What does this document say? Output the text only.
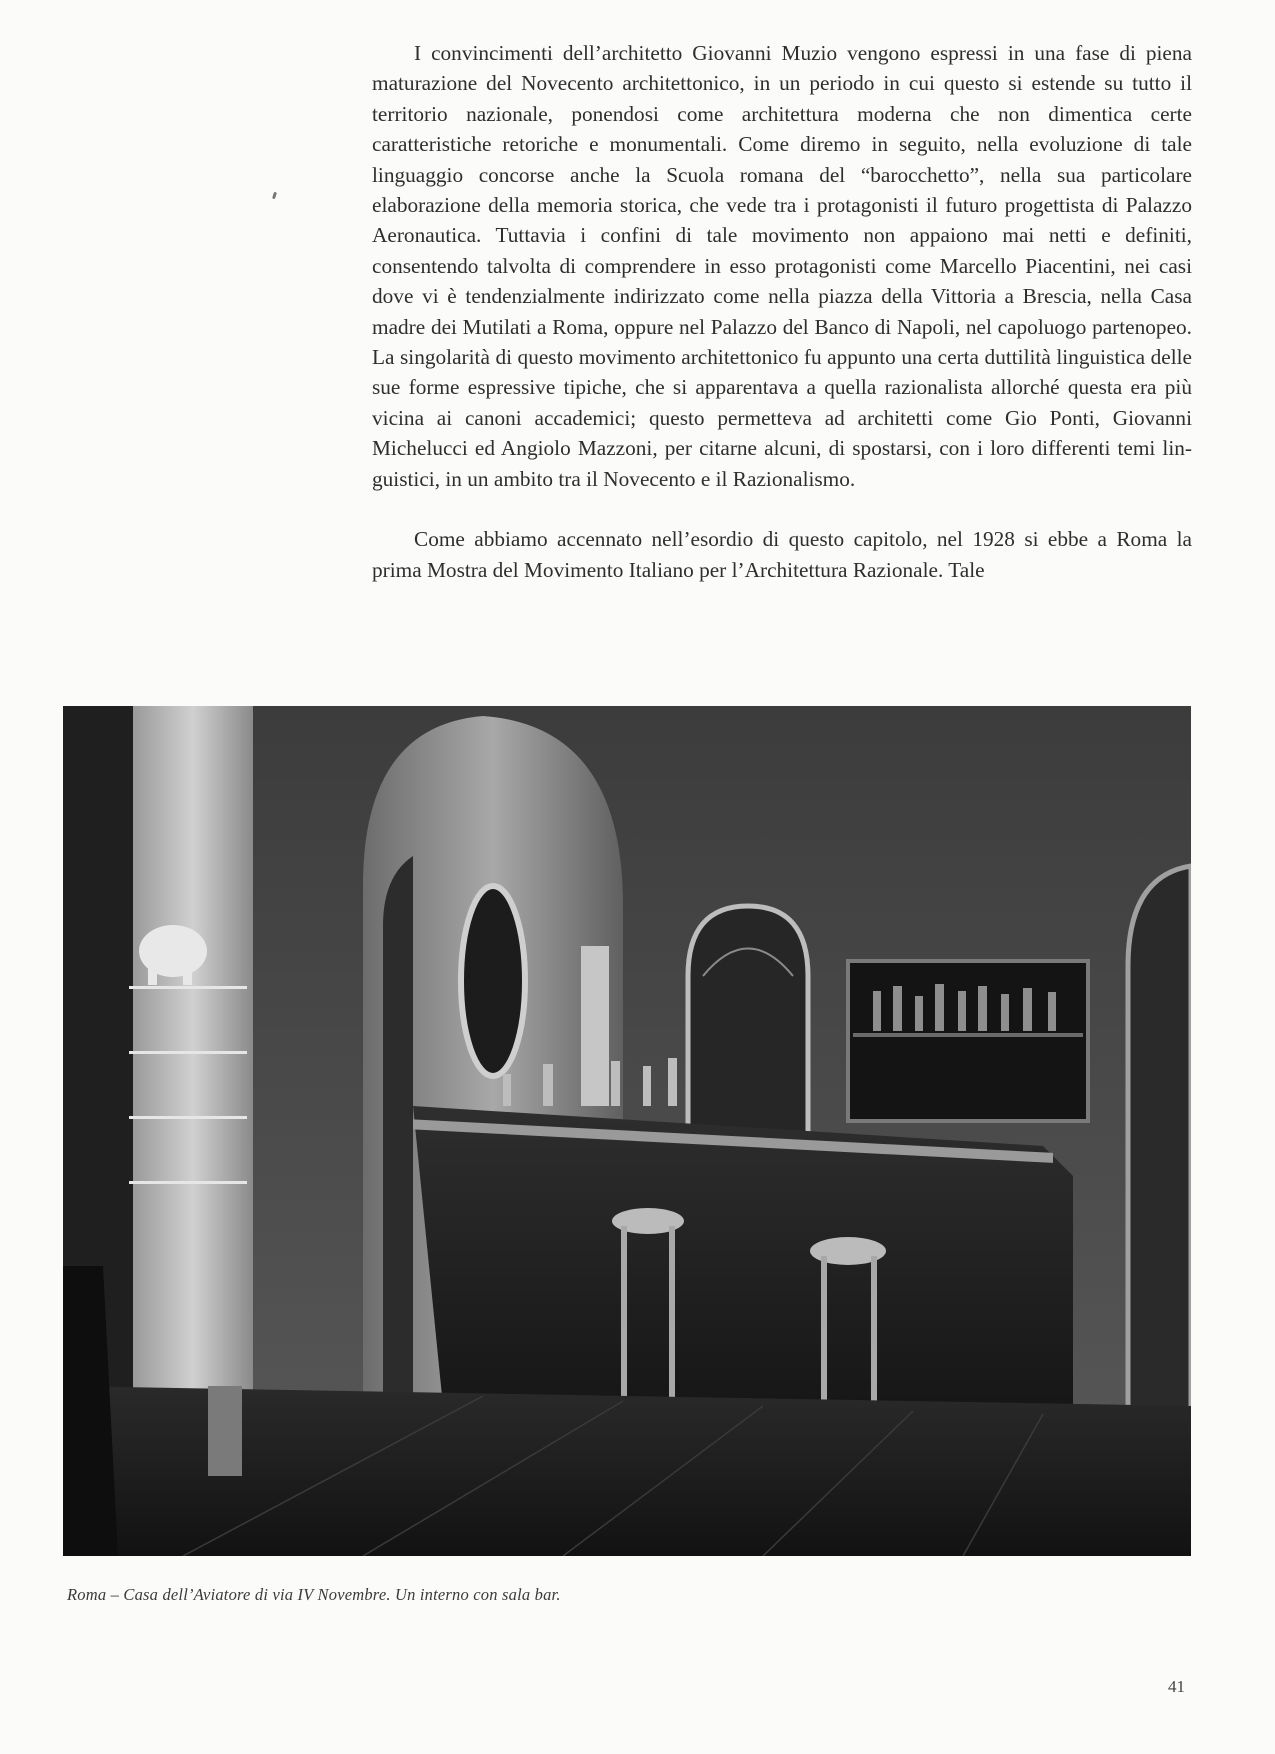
I convincimenti dell’architetto Giovanni Muzio vengono espressi in una fase di piena maturazione del Novecento architettonico, in un periodo in cui questo si estende su tutto il territorio nazionale, ponendosi come architettura moderna che non dimentica certe caratteristiche retoriche e monumentali. Come diremo in seguito, nella evoluzione di tale linguaggio concorse anche la Scuola romana del “barocchetto”, nella sua particolare elaborazione della memoria storica, che vede tra i protagonisti il futuro progettista di Palazzo Aeronautica. Tuttavia i confini di tale movimento non appaiono mai netti e definiti, consentendo talvolta di comprendere in esso protagonisti come Marcello Piacentini, nei casi dove vi è tendenzialmente indirizzato come nella piazza della Vittoria a Brescia, nella Casa madre dei Mutilati a Roma, oppure nel Palazzo del Banco di Napoli, nel capoluogo partenopeo. La singolarità di questo movimento architettonico fu appunto una certa duttilità linguistica delle sue forme espressive tipiche, che si apparentava a quella razionalista allorché questa era più vicina ai canoni accademici; questo permetteva ad architetti come Gio Ponti, Giovanni Michelucci ed Angiolo Mazzoni, per citarne alcuni, di spostarsi, con i loro differenti temi linguistici, in un ambito tra il Novecento e il Razionalismo.

Come abbiamo accennato nell’esordio di questo capitolo, nel 1928 si ebbe a Roma la prima Mostra del Movimento Italiano per l’Architettura Razionale. Tale

Roma – Casa dell’Aviatore di via IV Novembre. Un interno con sala bar.
41
